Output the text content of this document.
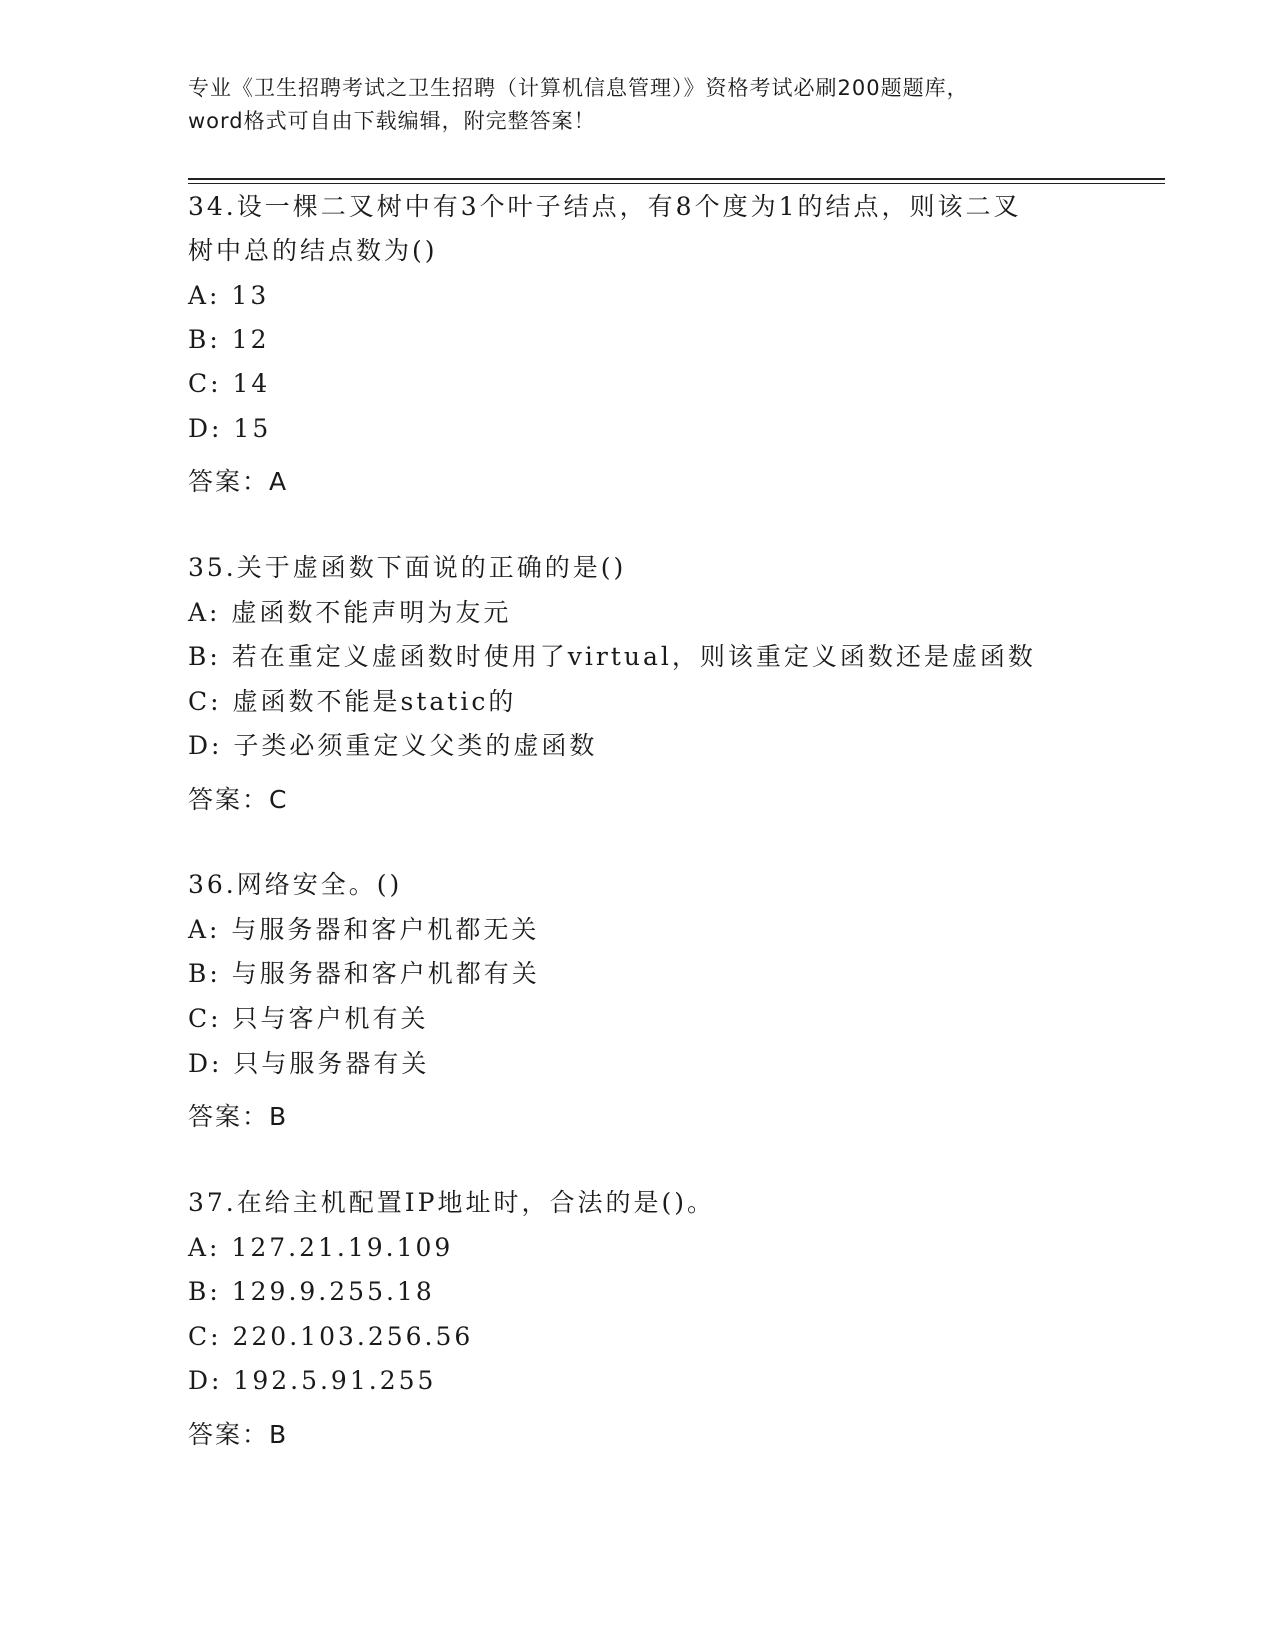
专业《卫生招聘考试之卫生招聘（计算机信息管理）》资格考试必刷200题题库，
word格式可自由下载编辑，附完整答案！
34.设一棵二叉树中有3个叶子结点，有8个度为1的结点，则该二叉
树中总的结点数为()
A: 13
B: 12
C: 14
D: 15
答案：A
35.关于虚函数下面说的正确的是()
A: 虚函数不能声明为友元
B: 若在重定义虚函数时使用了virtual，则该重定义函数还是虚函数
C: 虚函数不能是static的
D: 子类必须重定义父类的虚函数
答案：C
36.网络安全。()
A: 与服务器和客户机都无关
B: 与服务器和客户机都有关
C: 只与客户机有关
D: 只与服务器有关
答案：B
37.在给主机配置IP地址时，合法的是()。
A: 127.21.19.109
B: 129.9.255.18
C: 220.103.256.56
D: 192.5.91.255
答案：B
